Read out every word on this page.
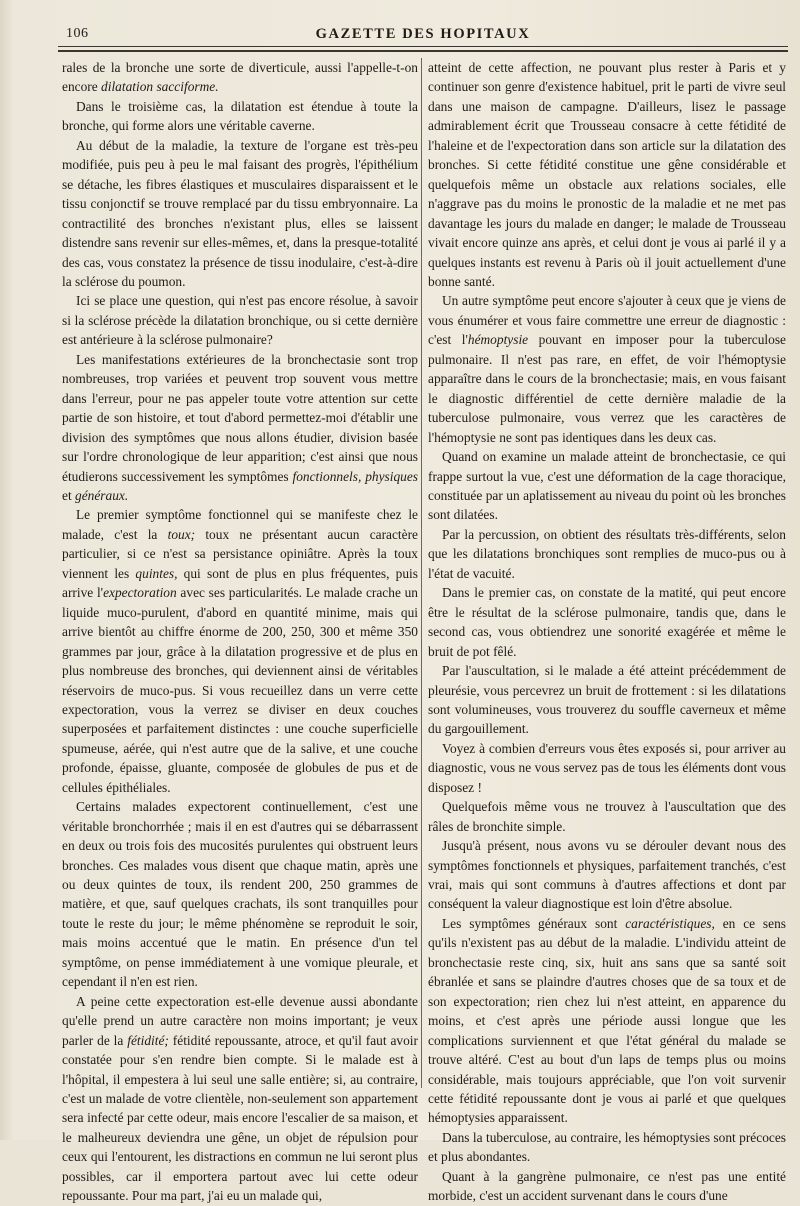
106	GAZETTE DES HOPITAUX

rales de la bronche une sorte de diverticule, aussi l'appelle-t-on encore dilatation sacciforme.

Dans le troisième cas, la dilatation est étendue à toute la bronche, qui forme alors une véritable caverne.

Au début de la maladie, la texture de l'organe est très-peu modifiée, puis peu à peu le mal faisant des progrès, l'épithélium se détache, les fibres élastiques et musculaires disparaissent et le tissu conjonctif se trouve remplacé par du tissu embryonnaire. La contractilité des bronches n'existant plus, elles se laissent distendre sans revenir sur elles-mêmes, et, dans la presque-totalité des cas, vous constatez la présence de tissu inodulaire, c'est-à-dire la sclérose du poumon.

Ici se place une question, qui n'est pas encore résolue, à savoir si la sclérose précède la dilatation bronchique, ou si cette dernière est antérieure à la sclérose pulmonaire?

Les manifestations extérieures de la bronchectasie sont trop nombreuses, trop variées et peuvent trop souvent vous mettre dans l'erreur, pour ne pas appeler toute votre attention sur cette partie de son histoire, et tout d'abord permettez-moi d'établir une division des symptômes que nous allons étudier, division basée sur l'ordre chronologique de leur apparition; c'est ainsi que nous étudierons successivement les symptômes fonctionnels, physiques et généraux.

Le premier symptôme fonctionnel qui se manifeste chez le malade, c'est la toux; toux ne présentant aucun caractère particulier, si ce n'est sa persistance opiniâtre. Après la toux viennent les quintes, qui sont de plus en plus fréquentes, puis arrive l'expectoration avec ses particularités. Le malade crache un liquide muco-purulent, d'abord en quantité minime, mais qui arrive bientôt au chiffre énorme de 200, 250, 300 et même 350 grammes par jour, grâce à la dilatation progressive et de plus en plus nombreuse des bronches, qui deviennent ainsi de véritables réservoirs de muco-pus. Si vous recueillez dans un verre cette expectoration, vous la verrez se diviser en deux couches superposées et parfaitement distinctes : une couche superficielle spumeuse, aérée, qui n'est autre que de la salive, et une couche profonde, épaisse, gluante, composée de globules de pus et de cellules épithéliales.

Certains malades expectorent continuellement, c'est une véritable bronchorrhée ; mais il en est d'autres qui se débarrassent en deux ou trois fois des mucosités purulentes qui obstruent leurs bronches. Ces malades vous disent que chaque matin, après une ou deux quintes de toux, ils rendent 200, 250 grammes de matière, et que, sauf quelques crachats, ils sont tranquilles pour toute le reste du jour; le même phénomène se reproduit le soir, mais moins accentué que le matin. En présence d'un tel symptôme, on pense immédiatement à une vomique pleurale, et cependant il n'en est rien.

A peine cette expectoration est-elle devenue aussi abondante qu'elle prend un autre caractère non moins important; je veux parler de la fétidité; fétidité repoussante, atroce, et qu'il faut avoir constatée pour s'en rendre bien compte. Si le malade est à l'hôpital, il empestera à lui seul une salle entière; si, au contraire, c'est un malade de votre clientèle, non-seulement son appartement sera infecté par cette odeur, mais encore l'escalier de sa maison, et le malheureux deviendra une gêne, un objet de répulsion pour ceux qui l'entourent, les distractions en commun ne lui seront plus possibles, car il emportera partout avec lui cette odeur repoussante. Pour ma part, j'ai eu un malade qui,

atteint de cette affection, ne pouvant plus rester à Paris et y continuer son genre d'existence habituel, prit le parti de vivre seul dans une maison de campagne. D'ailleurs, lisez le passage admirablement écrit que Trousseau consacre à cette fétidité de l'haleine et de l'expectoration dans son article sur la dilatation des bronches. Si cette fétidité constitue une gêne considérable et quelquefois même un obstacle aux relations sociales, elle n'aggrave pas du moins le pronostic de la maladie et ne met pas davantage les jours du malade en danger; le malade de Trousseau vivait encore quinze ans après, et celui dont je vous ai parlé il y a quelques instants est revenu à Paris où il jouit actuellement d'une bonne santé.

Un autre symptôme peut encore s'ajouter à ceux que je viens de vous énumérer et vous faire commettre une erreur de diagnostic : c'est l'hémoptysie pouvant en imposer pour la tuberculose pulmonaire. Il n'est pas rare, en effet, de voir l'hémoptysie apparaître dans le cours de la bronchectasie; mais, en vous faisant le diagnostic différentiel de cette dernière maladie de la tuberculose pulmonaire, vous verrez que les caractères de l'hémoptysie ne sont pas identiques dans les deux cas.

Quand on examine un malade atteint de bronchectasie, ce qui frappe surtout la vue, c'est une déformation de la cage thoracique, constituée par un aplatissement au niveau du point où les bronches sont dilatées.

Par la percussion, on obtient des résultats très-différents, selon que les dilatations bronchiques sont remplies de muco-pus ou à l'état de vacuité.

Dans le premier cas, on constate de la matité, qui peut encore être le résultat de la sclérose pulmonaire, tandis que, dans le second cas, vous obtiendrez une sonorité exagérée et même le bruit de pot fêlé.

Par l'auscultation, si le malade a été atteint précédemment de pleurésie, vous percevrez un bruit de frottement : si les dilatations sont volumineuses, vous trouverez du souffle caverneux et même du gargouillement.

Voyez à combien d'erreurs vous êtes exposés si, pour arriver au diagnostic, vous ne vous servez pas de tous les éléments dont vous disposez !

Quelquefois même vous ne trouvez à l'auscultation que des râles de bronchite simple.

Jusqu'à présent, nous avons vu se dérouler devant nous des symptômes fonctionnels et physiques, parfaitement tranchés, c'est vrai, mais qui sont communs à d'autres affections et dont par conséquent la valeur diagnostique est loin d'être absolue.

Les symptômes généraux sont caractéristiques, en ce sens qu'ils n'existent pas au début de la maladie. L'individu atteint de bronchectasie reste cinq, six, huit ans sans que sa santé soit ébranlée et sans se plaindre d'autres choses que de sa toux et de son expectoration; rien chez lui n'est atteint, en apparence du moins, et c'est après une période aussi longue que les complications surviennent et que l'état général du malade se trouve altéré. C'est au bout d'un laps de temps plus ou moins considérable, mais toujours appréciable, que l'on voit survenir cette fétidité repoussante dont je vous ai parlé et que quelques hémoptysies apparaissent.

Dans la tuberculose, au contraire, les hémoptysies sont précoces et plus abondantes.

Quant à la gangrène pulmonaire, ce n'est pas une entité morbide, c'est un accident survenant dans le cours d'une
